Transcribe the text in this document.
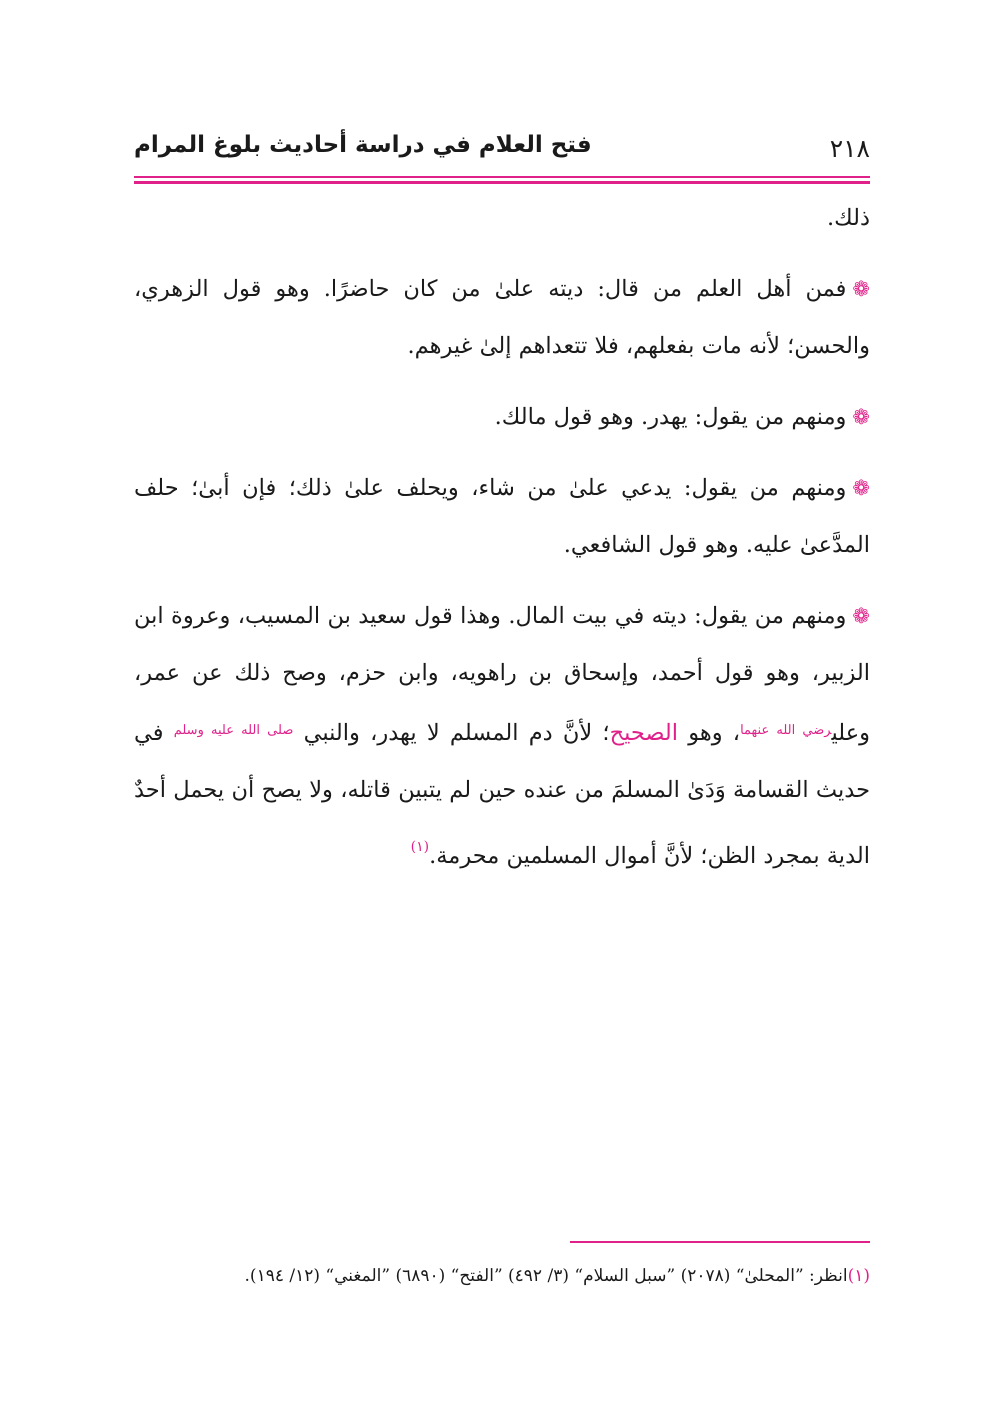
٢١٨
فتح العلام في دراسة أحاديث بلوغ المرام

ذلك.

❁فمن أهل العلم من قال: ديته علىٰ من كان حاضرًا. وهو قول الزهري، والحسن؛ لأنه مات بفعلهم، فلا تتعداهم إلىٰ غيرهم.

❁ومنهم من يقول: يهدر. وهو قول مالك.

❁ومنهم من يقول: يدعي علىٰ من شاء، ويحلف علىٰ ذلك؛ فإن أبىٰ؛ حلف المدَّعىٰ عليه. وهو قول الشافعي.

❁ومنهم من يقول: ديته في بيت المال. وهذا قول سعيد بن المسيب، وعروة ابن الزبير، وهو قول أحمد، وإسحاق بن راهويه، وابن حزم، وصح ذلك عن عمر، وعلي$^{رضي الله عنهما}$، وهو الصحيح؛ لأنَّ دم المسلم لا يهدر، والنبي $^{صلى الله عليه وسلم}$ في حديث القسامة وَدَىٰ المسلمَ من عنده حين لم يتبين قاتله، ولا يصح أن يحمل أحدٌ الدية بمجرد الظن؛ لأنَّ أموال المسلمين محرمة.$^{(١)}$

(١)انظر: ”المحلىٰ“ (٢٠٧٨) ”سبل السلام“ (٣/ ٤٩٢) ”الفتح“ (٦٨٩٠) ”المغني“ (١٢/ ١٩٤).
